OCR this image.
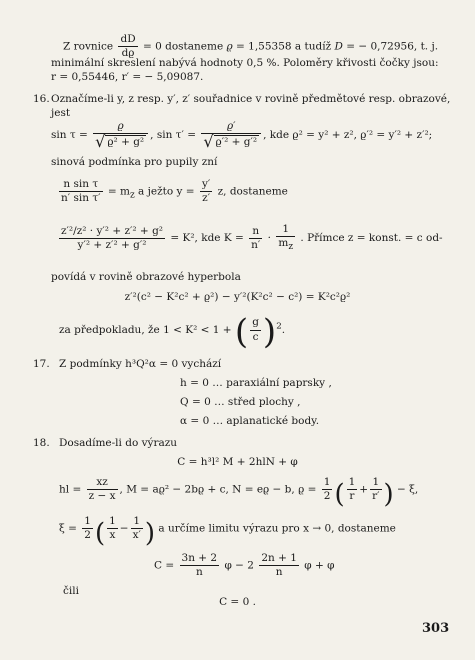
Z rovnice $\frac{dD}{dϱ} = 0$ dostaneme ϱ = 1,55358 a tudíž D = − 0,72956, t. j.
minimální skreslení nabývá hodnoty 0,5 %. Poloměry křivosti čočky jsou:
r = 0,55446, r′ = − 5,09087.
16. Označíme-li y, z resp. y′, z′ souřadnice v rovině předmětové resp. obrazové,
jest
$\sin \tau = \frac{ϱ}{\text{√ ϱ² + g²}}$ , $\sin \tau' = \frac{ϱ'}{\text{√ ϱ′² + g′²}}$ , kde ϱ² = y² + z², ϱ′² = y′² + z′²;
sinová podmínka pro pupily zní
$\frac{\text{n sin τ}}{\text{n′ sin τ′}} = m_z$ a ježto $y = \frac{y'}{z'} z$, dostaneme
$\frac{\text{z′²/z² · y′² + z′² + g²}}{\text{y′² + z′² + g′²}} = K^2$, kde $K = \frac{n}{n'} \cdot \frac{1}{m_z}$ . Přímce z = konst. = c od-
povídá v rovině obrazové hyperbola
z′²(c² − K²c² + ϱ²) − y′²(K²c² − c²) = K²c²ϱ²
za předpokladu, že 1 < K² < 1 + ( $\frac{g}{c} )^2$.
17. Z podmínky h³Q²α = 0 vychází
h = 0 … paraxiální paprsky ,
Q = 0 … střed plochy ,
α = 0 … aplanatické body.
18. Dosadíme-li do výrazu
C = h³l² M + 2hlN + φ
hl = $\frac{xz}{z - x}$ , M = aϱ² − 2bϱ + c, N = eϱ − b, $ϱ = \frac{1}{2}$ ( $\frac{1}{r} + \frac{1}{r'}$ ) − ξ,
$\xi = \frac{1}{2}$ ( $\frac{1}{x} - \frac{1}{x'}$ ) a určíme limitu výrazu pro x → 0, dostaneme
$C = \frac{3n + 2}{n}$ $\varphi - 2 \frac{2n + 1}{n}$ φ + φ
čili
C = 0 .
303
